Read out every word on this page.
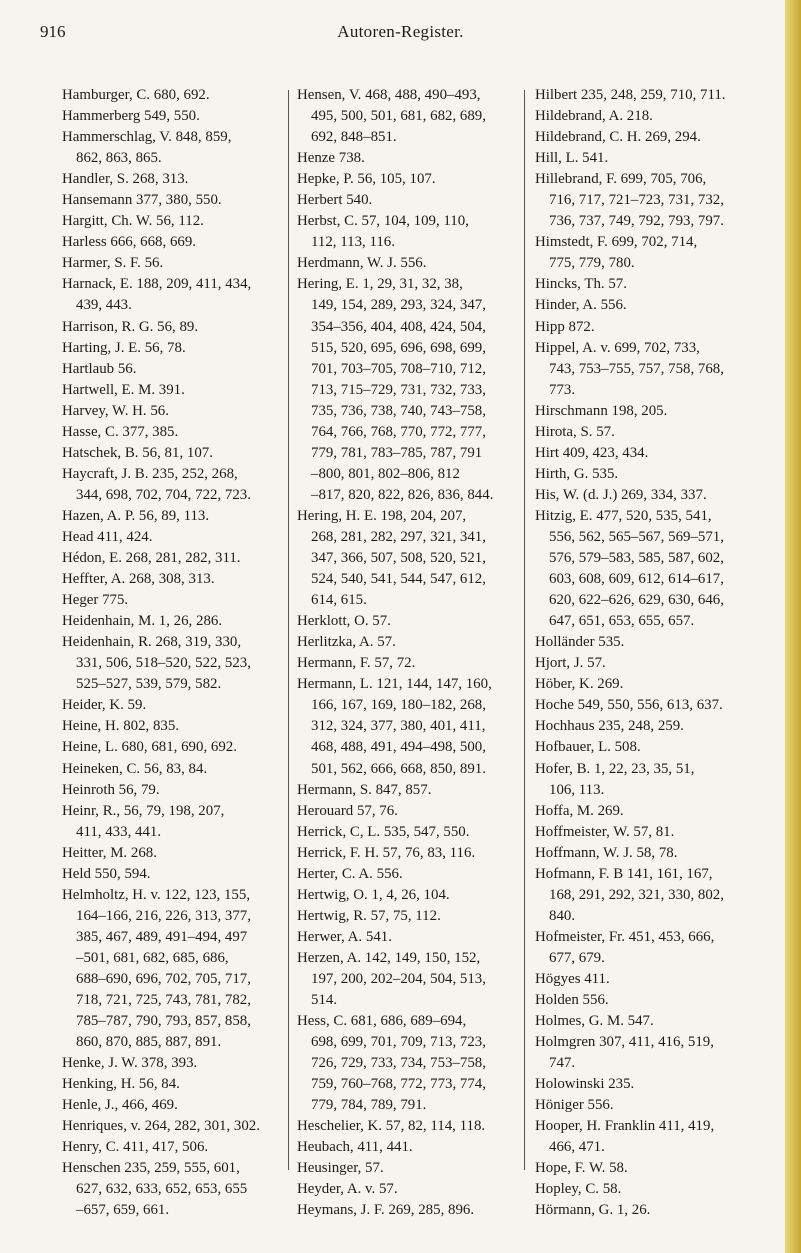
916	Autoren-Register.
Hamburger, C. 680, 692.
Hammerberg 549, 550.
Hammerschlag, V. 848, 859,
862, 863, 865.
Handler, S. 268, 313.
Hansemann 377, 380, 550.
Hargitt, Ch. W. 56, 112.
Harless 666, 668, 669.
Harmer, S. F. 56.
Harnack, E. 188, 209, 411, 434,
439, 443.
Harrison, R. G. 56, 89.
Harting, J. E. 56, 78.
Hartlaub 56.
Hartwell, E. M. 391.
Harvey, W. H. 56.
Hasse, C. 377, 385.
Hatschek, B. 56, 81, 107.
Haycraft, J. B. 235, 252, 268,
344, 698, 702, 704, 722, 723.
Hazen, A. P. 56, 89, 113.
Head 411, 424.
Hédon, E. 268, 281, 282, 311.
Heffter, A. 268, 308, 313.
Heger 775.
Heidenhain, M. 1, 26, 286.
Heidenhain, R. 268, 319, 330,
331, 506, 518–520, 522, 523,
525–527, 539, 579, 582.
Heider, K. 59.
Heine, H. 802, 835.
Heine, L. 680, 681, 690, 692.
Heineken, C. 56, 83, 84.
Heinroth 56, 79.
Heinr, R., 56, 79, 198, 207,
411, 433, 441.
Heitter, M. 268.
Held 550, 594.
Helmholtz, H. v. 122, 123, 155,
164–166, 216, 226, 313, 377,
385, 467, 489, 491–494, 497
–501, 681, 682, 685, 686,
688–690, 696, 702, 705, 717,
718, 721, 725, 743, 781, 782,
785–787, 790, 793, 857, 858,
860, 870, 885, 887, 891.
Henke, J. W. 378, 393.
Henking, H. 56, 84.
Henle, J., 466, 469.
Henriques, v. 264, 282, 301, 302.
Henry, C. 411, 417, 506.
Henschen 235, 259, 555, 601,
627, 632, 633, 652, 653, 655
–657, 659, 661.
Hensen, V. 468, 488, 490–493,
495, 500, 501, 681, 682, 689,
692, 848–851.
Henze 738.
Hepke, P. 56, 105, 107.
Herbert 540.
Herbst, C. 57, 104, 109, 110,
112, 113, 116.
Herdmann, W. J. 556.
Hering, E. 1, 29, 31, 32, 38,
149, 154, 289, 293, 324, 347,
354–356, 404, 408, 424, 504,
515, 520, 695, 696, 698, 699,
701, 703–705, 708–710, 712,
713, 715–729, 731, 732, 733,
735, 736, 738, 740, 743–758,
764, 766, 768, 770, 772, 777,
779, 781, 783–785, 787, 791
–800, 801, 802–806, 812
–817, 820, 822, 826, 836, 844.
Hering, H. E. 198, 204, 207,
268, 281, 282, 297, 321, 341,
347, 366, 507, 508, 520, 521,
524, 540, 541, 544, 547, 612,
614, 615.
Herklott, O. 57.
Herlitzka, A. 57.
Hermann, F. 57, 72.
Hermann, L. 121, 144, 147, 160,
166, 167, 169, 180–182, 268,
312, 324, 377, 380, 401, 411,
468, 488, 491, 494–498, 500,
501, 562, 666, 668, 850, 891.
Hermann, S. 847, 857.
Herouard 57, 76.
Herrick, C, L. 535, 547, 550.
Herrick, F. H. 57, 76, 83, 116.
Herter, C. A. 556.
Hertwig, O. 1, 4, 26, 104.
Hertwig, R. 57, 75, 112.
Herwer, A. 541.
Herzen, A. 142, 149, 150, 152,
197, 200, 202–204, 504, 513,
514.
Hess, C. 681, 686, 689–694,
698, 699, 701, 709, 713, 723,
726, 729, 733, 734, 753–758,
759, 760–768, 772, 773, 774,
779, 784, 789, 791.
Heschelier, K. 57, 82, 114, 118.
Heubach, 411, 441.
Heusinger, 57.
Heyder, A. v. 57.
Heymans, J. F. 269, 285, 896.
Hilbert 235, 248, 259, 710, 711.
Hildebrand, A. 218.
Hildebrand, C. H. 269, 294.
Hill, L. 541.
Hillebrand, F. 699, 705, 706,
716, 717, 721–723, 731, 732,
736, 737, 749, 792, 793, 797.
Himstedt, F. 699, 702, 714,
775, 779, 780.
Hincks, Th. 57.
Hinder, A. 556.
Hipp 872.
Hippel, A. v. 699, 702, 733,
743, 753–755, 757, 758, 768,
773.
Hirschmann 198, 205.
Hirota, S. 57.
Hirt 409, 423, 434.
Hirth, G. 535.
His, W. (d. J.) 269, 334, 337.
Hitzig, E. 477, 520, 535, 541,
556, 562, 565–567, 569–571,
576, 579–583, 585, 587, 602,
603, 608, 609, 612, 614–617,
620, 622–626, 629, 630, 646,
647, 651, 653, 655, 657.
Holländer 535.
Hjort, J. 57.
Höber, K. 269.
Hoche 549, 550, 556, 613, 637.
Hochhaus 235, 248, 259.
Hofbauer, L. 508.
Hofer, B. 1, 22, 23, 35, 51,
106, 113.
Hoffa, M. 269.
Hoffmeister, W. 57, 81.
Hoffmann, W. J. 58, 78.
Hofmann, F. B 141, 161, 167,
168, 291, 292, 321, 330, 802,
840.
Hofmeister, Fr. 451, 453, 666,
677, 679.
Högyes 411.
Holden 556.
Holmes, G. M. 547.
Holmgren 307, 411, 416, 519,
747.
Holowinski 235.
Höniger 556.
Hooper, H. Franklin 411, 419,
466, 471.
Hope, F. W. 58.
Hopley, C. 58.
Hörmann, G. 1, 26.
